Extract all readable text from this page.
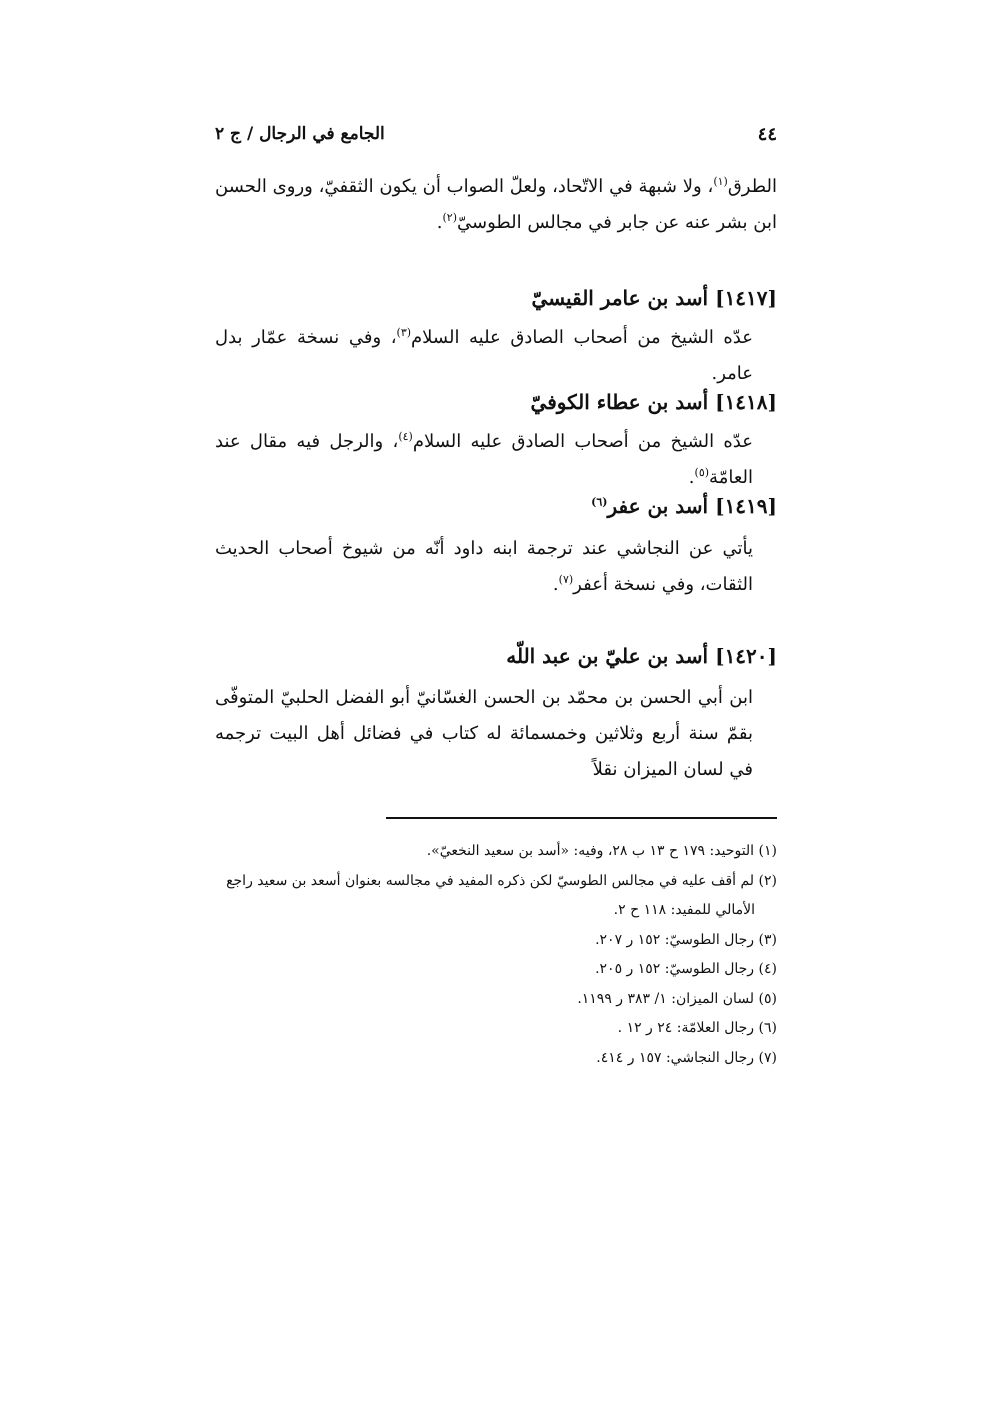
٤٤
الجامع في الرجال / ج ٢

الطرق$^{(١)}$، ولا شبهة في الاتّحاد، ولعلّ الصواب أن يكون الثقفيّ، وروى الحسن ابن بشر عنه عن جابر في مجالس الطوسيّ$^{(٢)}$.

[١٤١٧] أسد بن عامر القيسيّ

عدّه الشيخ من أصحاب الصادق عليه السلام$^{(٣)}$، وفي نسخة عمّار بدل عامر.

[١٤١٨] أسد بن عطاء الكوفيّ

عدّه الشيخ من أصحاب الصادق عليه السلام$^{(٤)}$، والرجل فيه مقال عند العامّة$^{(٥)}$.

[١٤١٩] أسد بن عفر$^{(٦)}$

يأتي عن النجاشي عند ترجمة ابنه داود أنّه من شيوخ أصحاب الحديث الثقات، وفي نسخة أعفر$^{(٧)}$.

[١٤٢٠] أسد بن عليّ بن عبد اللّه

ابن أبي الحسن بن محمّد بن الحسن الغسّانيّ أبو الفضل الحلبيّ المتوفّى بقمّ سنة أربع وثلاثين وخمسمائة له كتاب في فضائل أهل البيت ترجمه في لسان الميزان نقلاً

(١) التوحيد: ١٧٩ ح ١٣ ب ٢٨، وفيه: «أسد بن سعيد النخعيّ».
(٢) لم أقف عليه في مجالس الطوسيّ لكن ذكره المفيد في مجالسه بعنوان أسعد بن سعيد راجع
الأمالي للمفيد: ١١٨ ح ٢.
(٣) رجال الطوسيّ: ١٥٢ ر ٢٠٧.
(٤) رجال الطوسيّ: ١٥٢ ر ٢٠٥.
(٥) لسان الميزان: ١/ ٣٨٣ ر ١١٩٩.
(٦) رجال العلامّة: ٢٤ ر ١٢ .
(٧) رجال النجاشي: ١٥٧ ر ٤١٤.
